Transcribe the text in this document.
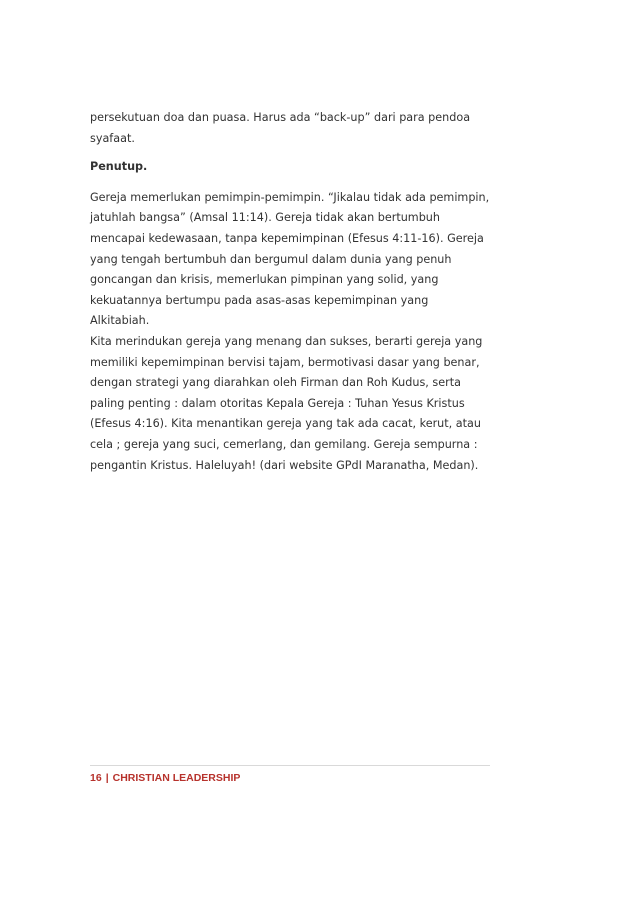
persekutuan doa dan puasa. Harus ada “back-up” dari para pendoa
syafaat.

Penutup.

Gereja memerlukan pemimpin-pemimpin. “Jikalau tidak ada pemimpin,
jatuhlah bangsa” (Amsal 11:14). Gereja tidak akan bertumbuh
mencapai kedewasaan, tanpa kepemimpinan (Efesus 4:11-16). Gereja
yang tengah bertumbuh dan bergumul dalam dunia yang penuh
goncangan dan krisis, memerlukan pimpinan yang solid, yang
kekuatannya bertumpu pada asas-asas kepemimpinan yang Alkitabiah.
Kita merindukan gereja yang menang dan sukses, berarti gereja yang
memiliki kepemimpinan bervisi tajam, bermotivasi dasar yang benar,
dengan strategi yang diarahkan oleh Firman dan Roh Kudus, serta
paling penting : dalam otoritas Kepala Gereja : Tuhan Yesus Kristus
(Efesus 4:16). Kita menantikan gereja yang tak ada cacat, kerut, atau
cela ; gereja yang suci, cemerlang, dan gemilang. Gereja sempurna :
pengantin Kristus. Haleluyah! (dari website GPdI Maranatha, Medan).

16 | CHRISTIAN LEADERSHIP
